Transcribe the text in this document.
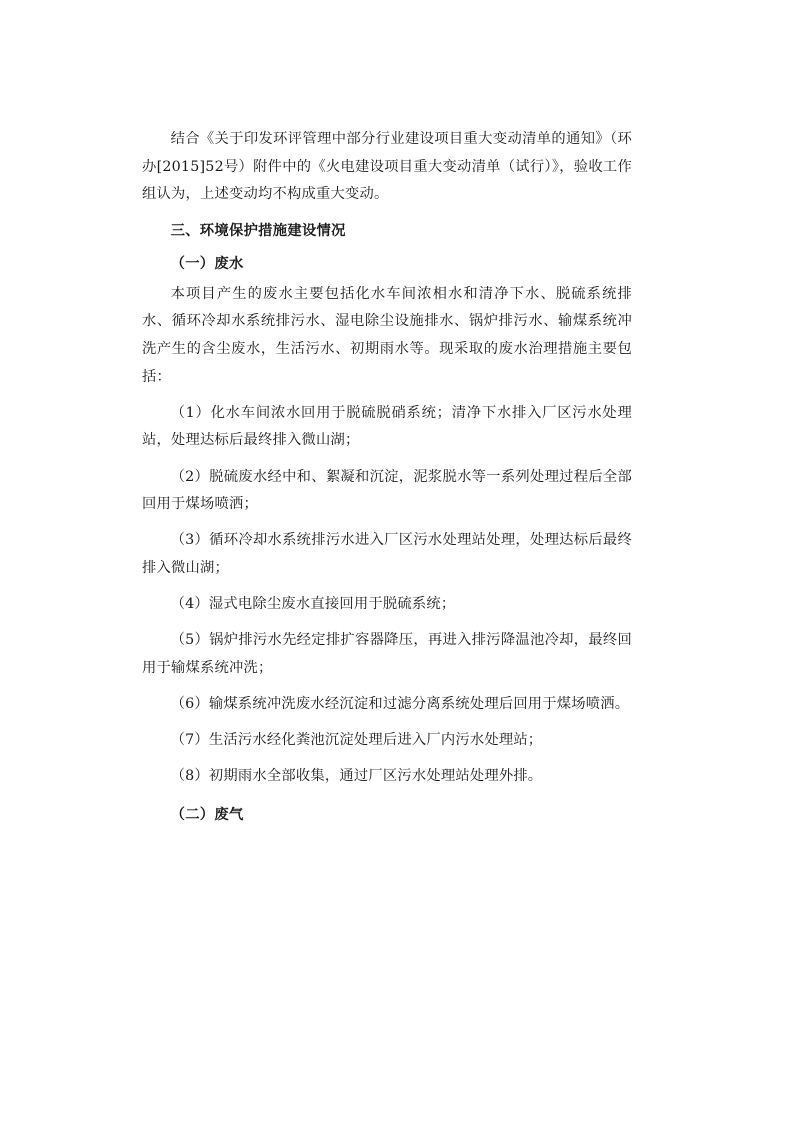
结合《关于印发环评管理中部分行业建设项目重大变动清单的通知》（环办[2015]52号）附件中的《火电建设项目重大变动清单（试行）》，验收工作组认为，上述变动均不构成重大变动。

三、环境保护措施建设情况
（一）废水

本项目产生的废水主要包括化水车间浓相水和清净下水、脱硫系统排水、循环冷却水系统排污水、湿电除尘设施排水、锅炉排污水、输煤系统冲洗产生的含尘废水，生活污水、初期雨水等。现采取的废水治理措施主要包括：

（1）化水车间浓水回用于脱硫脱硝系统；清净下水排入厂区污水处理站，处理达标后最终排入微山湖；

（2）脱硫废水经中和、絮凝和沉淀，泥浆脱水等一系列处理过程后全部回用于煤场喷洒；

（3）循环冷却水系统排污水进入厂区污水处理站处理，处理达标后最终排入微山湖；

（4）湿式电除尘废水直接回用于脱硫系统；

（5）锅炉排污水先经定排扩容器降压，再进入排污降温池冷却，最终回用于输煤系统冲洗；

（6）输煤系统冲洗废水经沉淀和过滤分离系统处理后回用于煤场喷洒。

（7）生活污水经化粪池沉淀处理后进入厂内污水处理站；

（8）初期雨水全部收集，通过厂区污水处理站处理外排。

（二）废气
